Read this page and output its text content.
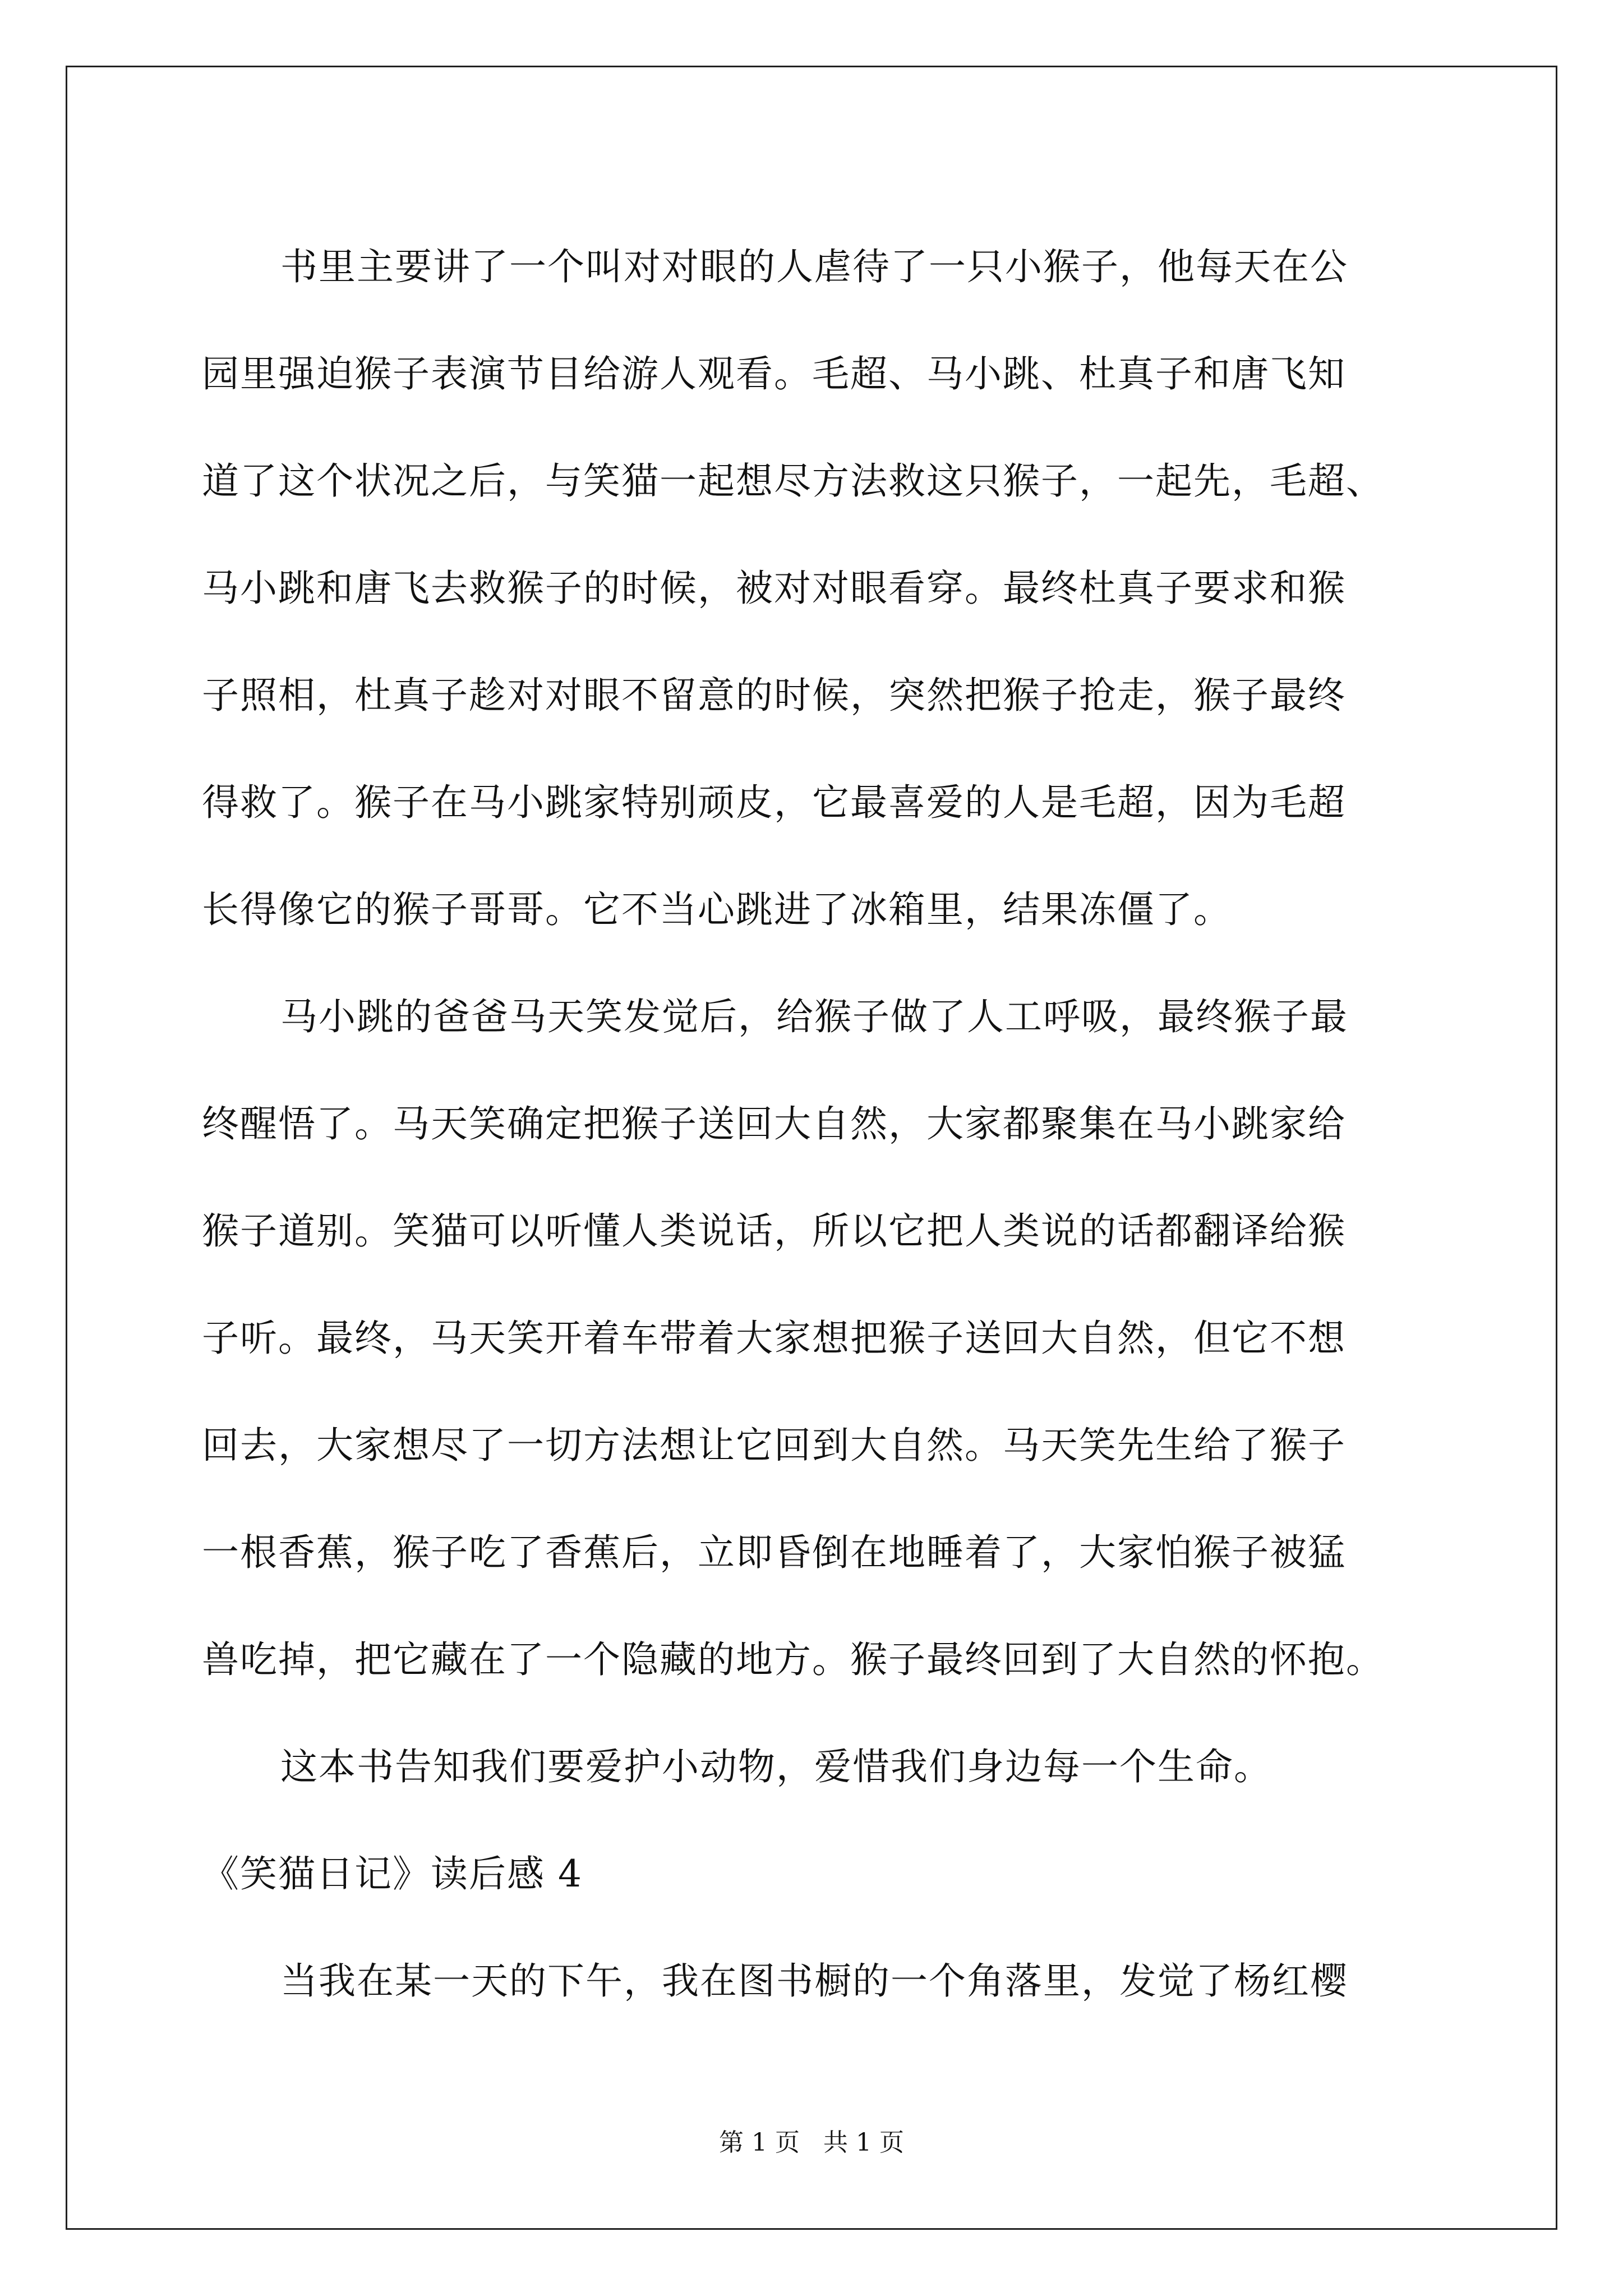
书里主要讲了一个叫对对眼的人虐待了一只小猴子，他每天在公
园里强迫猴子表演节目给游人观看。毛超、马小跳、杜真子和唐飞知
道了这个状况之后，与笑猫一起想尽方法救这只猴子，一起先，毛超、
马小跳和唐飞去救猴子的时候，被对对眼看穿。最终杜真子要求和猴
子照相，杜真子趁对对眼不留意的时候，突然把猴子抢走，猴子最终
得救了。猴子在马小跳家特别顽皮，它最喜爱的人是毛超，因为毛超
长得像它的猴子哥哥。它不当心跳进了冰箱里，结果冻僵了。
马小跳的爸爸马天笑发觉后，给猴子做了人工呼吸，最终猴子最
终醒悟了。马天笑确定把猴子送回大自然，大家都聚集在马小跳家给
猴子道别。笑猫可以听懂人类说话，所以它把人类说的话都翻译给猴
子听。最终，马天笑开着车带着大家想把猴子送回大自然，但它不想
回去，大家想尽了一切方法想让它回到大自然。马天笑先生给了猴子
一根香蕉，猴子吃了香蕉后，立即昏倒在地睡着了，大家怕猴子被猛
兽吃掉，把它藏在了一个隐藏的地方。猴子最终回到了大自然的怀抱。
这本书告知我们要爱护小动物，爱惜我们身边每一个生命。
《笑猫日记》读后感 4
当我在某一天的下午，我在图书橱的一个角落里，发觉了杨红樱
第 1 页 共 1 页
